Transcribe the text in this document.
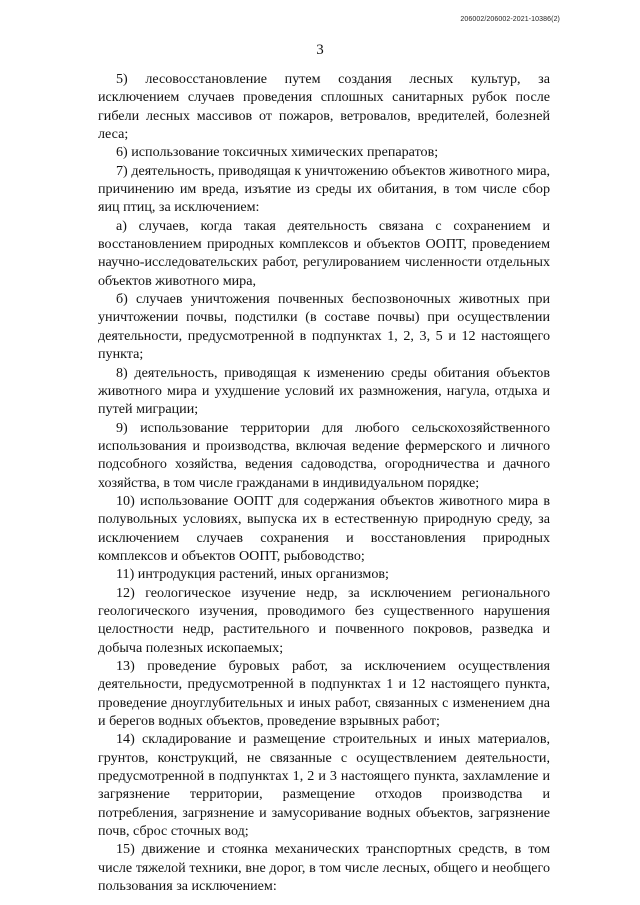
206002/206002-2021-10386(2)
3

5) лесовосстановление путем создания лесных культур, за исключением случаев проведения сплошных санитарных рубок после гибели лесных массивов от пожаров, ветровалов, вредителей, болезней леса;

6) использование токсичных химических препаратов;

7) деятельность, приводящая к уничтожению объектов животного мира, причинению им вреда, изъятие из среды их обитания, в том числе сбор яиц птиц, за исключением:

а) случаев, когда такая деятельность связана с сохранением и восстановлением природных комплексов и объектов ООПТ, проведением научно-исследовательских работ, регулированием численности отдельных объектов животного мира,

б) случаев уничтожения почвенных беспозвоночных животных при уничтожении почвы, подстилки (в составе почвы) при осуществлении деятельности, предусмотренной в подпунктах 1, 2, 3, 5 и 12 настоящего пункта;

8) деятельность, приводящая к изменению среды обитания объектов животного мира и ухудшение условий их размножения, нагула, отдыха и путей миграции;

9) использование территории для любого сельскохозяйственного использования и производства, включая ведение фермерского и личного подсобного хозяйства, ведения садоводства, огородничества и дачного хозяйства, в том числе гражданами в индивидуальном порядке;

10) использование ООПТ для содержания объектов животного мира в полувольных условиях, выпуска их в естественную природную среду, за исключением случаев сохранения и восстановления природных комплексов и объектов ООПТ, рыбоводство;

11) интродукция растений, иных организмов;

12) геологическое изучение недр, за исключением регионального геологического изучения, проводимого без существенного нарушения целостности недр, растительного и почвенного покровов, разведка и добыча полезных ископаемых;

13) проведение буровых работ, за исключением осуществления деятельности, предусмотренной в подпунктах 1 и 12 настоящего пункта, проведение дноуглубительных и иных работ, связанных с изменением дна и берегов водных объектов, проведение взрывных работ;

14) складирование и размещение строительных и иных материалов, грунтов, конструкций, не связанные с осуществлением деятельности, предусмотренной в подпунктах 1, 2 и 3 настоящего пункта, захламление и загрязнение территории, размещение отходов производства и потребления, загрязнение и замусоривание водных объектов, загрязнение почв, сброс сточных вод;

15) движение и стоянка механических транспортных средств, в том числе тяжелой техники, вне дорог, в том числе лесных, общего и необщего пользования за исключением:
